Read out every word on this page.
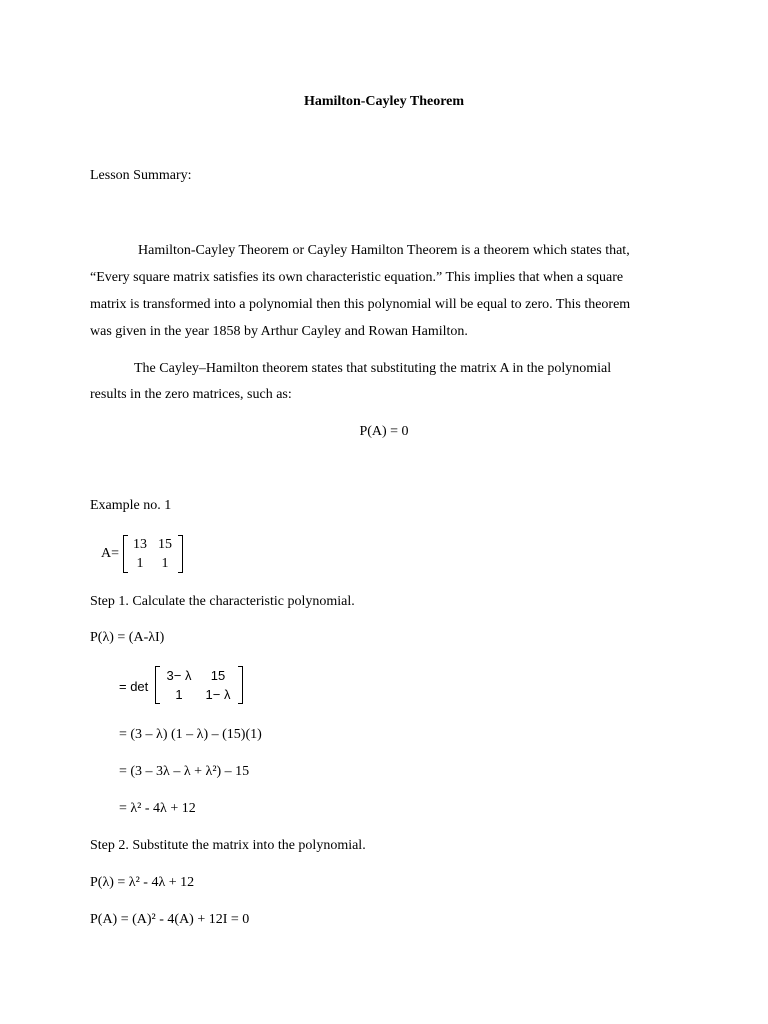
Hamilton-Cayley Theorem
Lesson Summary:
Hamilton-Cayley Theorem or Cayley Hamilton Theorem is a theorem which states that,
“Every square matrix satisfies its own characteristic equation.” This implies that when a square
matrix is transformed into a polynomial then this polynomial will be equal to zero. This theorem
was given in the year 1858 by Arthur Cayley and Rowan Hamilton.
The Cayley–Hamilton theorem states that substituting the matrix A in the polynomial
results in the zero matrices, such as:
P(A) = 0
Example no. 1
A=
13 15
1	1
Step 1. Calculate the characteristic polynomial.
P(λ) = (A-λI)
= det
3− λ	15
1	1− λ
= (3 – λ) (1 – λ) – (15)(1)
= (3 – 3λ – λ + λ²) – 15
= λ² - 4λ + 12
Step 2. Substitute the matrix into the polynomial.
P(λ) = λ² - 4λ + 12
P(A) = (A)² - 4(A) + 12I = 0
